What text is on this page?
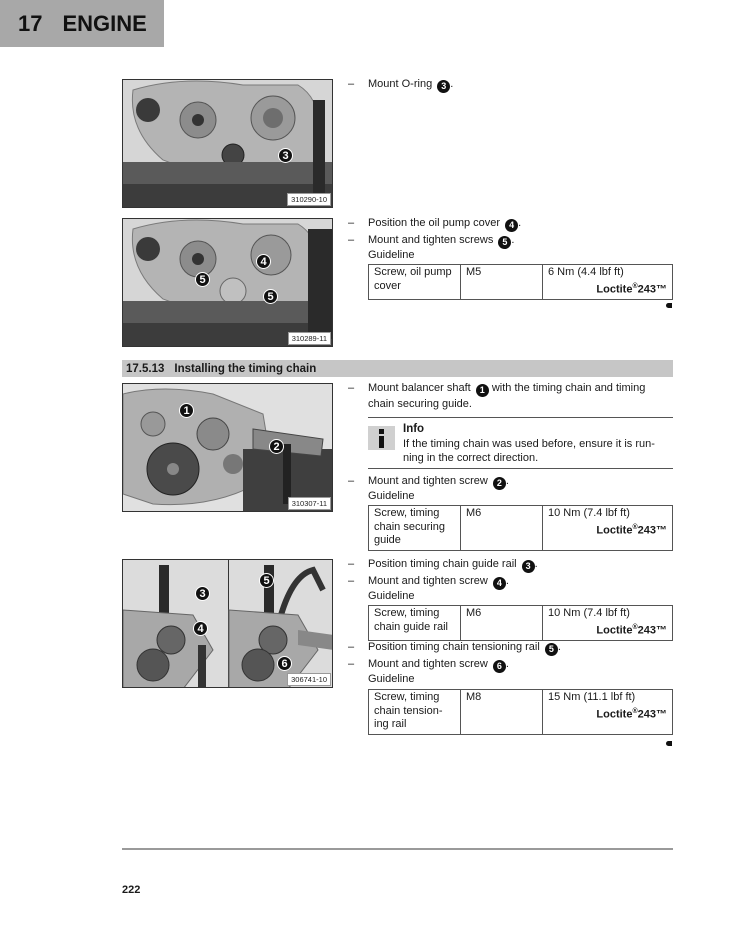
17 ENGINE
3
310290-10
4
5
5
310289-11
–	Mount O-ring 3 .
–	Position the oil pump cover 4 .
–	Mount and tighten screws 5 .
Guideline
Screw, oil pump cover	M5	6 Nm (4.4 lbf ft)
Loctite®243™
17.5.13 Installing the timing chain
1
2
310307-11
–	Mount balancer shaft 1 with the timing chain and timing chain securing guide.
Info
If the timing chain was used before, ensure it is run-ning in the correct direction.
–	Mount and tighten screw 2 .
Guideline
Screw, timing chain securing guide	M6	10 Nm (7.4 lbf ft)
Loctite®243™
3
4
5
6
306741-10
–	Position timing chain guide rail 3 .
–	Mount and tighten screw 4 .
Guideline
Screw, timing chain guide rail	M6	10 Nm (7.4 lbf ft)
Loctite®243™
–	Position timing chain tensioning rail 5 .
–	Mount and tighten screw 6 .
Guideline
Screw, timing chain tension-ing rail	M8	15 Nm (11.1 lbf ft)
Loctite®243™
222
